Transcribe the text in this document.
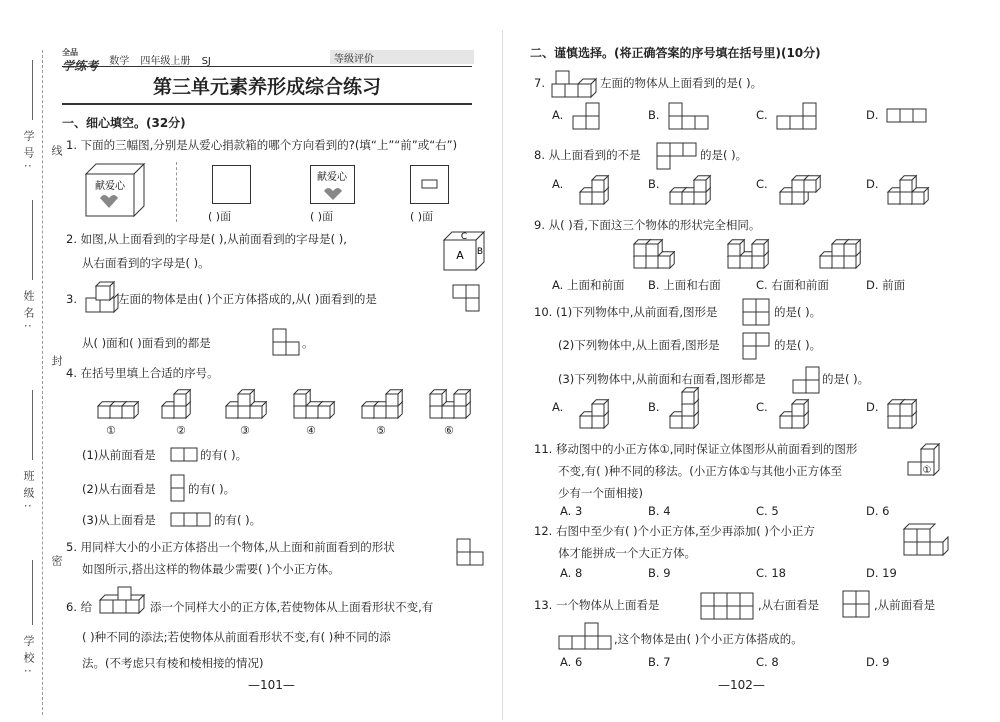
学号: 线
姓名:
封
班级:
密
学校:
全品
学练考 数学 四年级上册 SJ	等级评价
第三单元素养形成综合练习
一、细心填空。(32分)
1. 下面的三幅图,分别是从爱心捐款箱的哪个方向看到的?(填“上”“前”或“右”)
献爱心
献爱心
( )面	( )面	( )面
2. 如图,从上面看到的字母是( ),从前面看到的字母是( ),
从右面看到的字母是( )。
C
A B
3.	左面的物体是由( )个正方体搭成的,从( )面看到的是
从( )面和( )面看到的都是	。
4. 在括号里填上合适的序号。
①	②	③	④	⑤	⑥
(1)从前面看是	的有( )。
(2)从右面看是	的有( )。
(3)从上面看是	的有( )。
5. 用同样大小的小正方体搭出一个物体,从上面和前面看到的形状
如图所示,搭出这样的物体最少需要( )个小正方体。
6. 给	添一个同样大小的正方体,若使物体从上面看形状不变,有
( )种不同的添法;若使物体从前面看形状不变,有( )种不同的添
法。(不考虑只有棱和棱相接的情况)
—101—
二、谨慎选择。(将正确答案的序号填在括号里)(10分)
7.	左面的物体从上面看到的是( )。
A.	B.	C.	D.
8. 从上面看到的不是	的是( )。
A.	B.	C.	D.
9. 从( )看,下面这三个物体的形状完全相同。
A. 上面和前面 B. 上面和右面	C. 右面和前面	D. 前面
10. (1)下列物体中,从前面看,图形是	的是( )。
(2)下列物体中,从上面看,图形是	的是( )。
(3)下列物体中,从前面和右面看,图形都是	的是( )。
A.	B.	C.	D.
11. 移动图中的小正方体①,同时保证立体图形从前面看到的图形
不变,有( )种不同的移法。(小正方体①与其他小正方体至
少有一个面相接)
①
A. 3	B. 4	C. 5	D. 6
12. 右图中至少有( )个小正方体,至少再添加( )个小正方
体才能拼成一个大正方体。
A. 8	B. 9	C. 18	D. 19
13. 一个物体从上面看是	,从右面看是	,从前面看是
,这个物体是由( )个小正方体搭成的。
A. 6	B. 7	C. 8	D. 9
—102—
